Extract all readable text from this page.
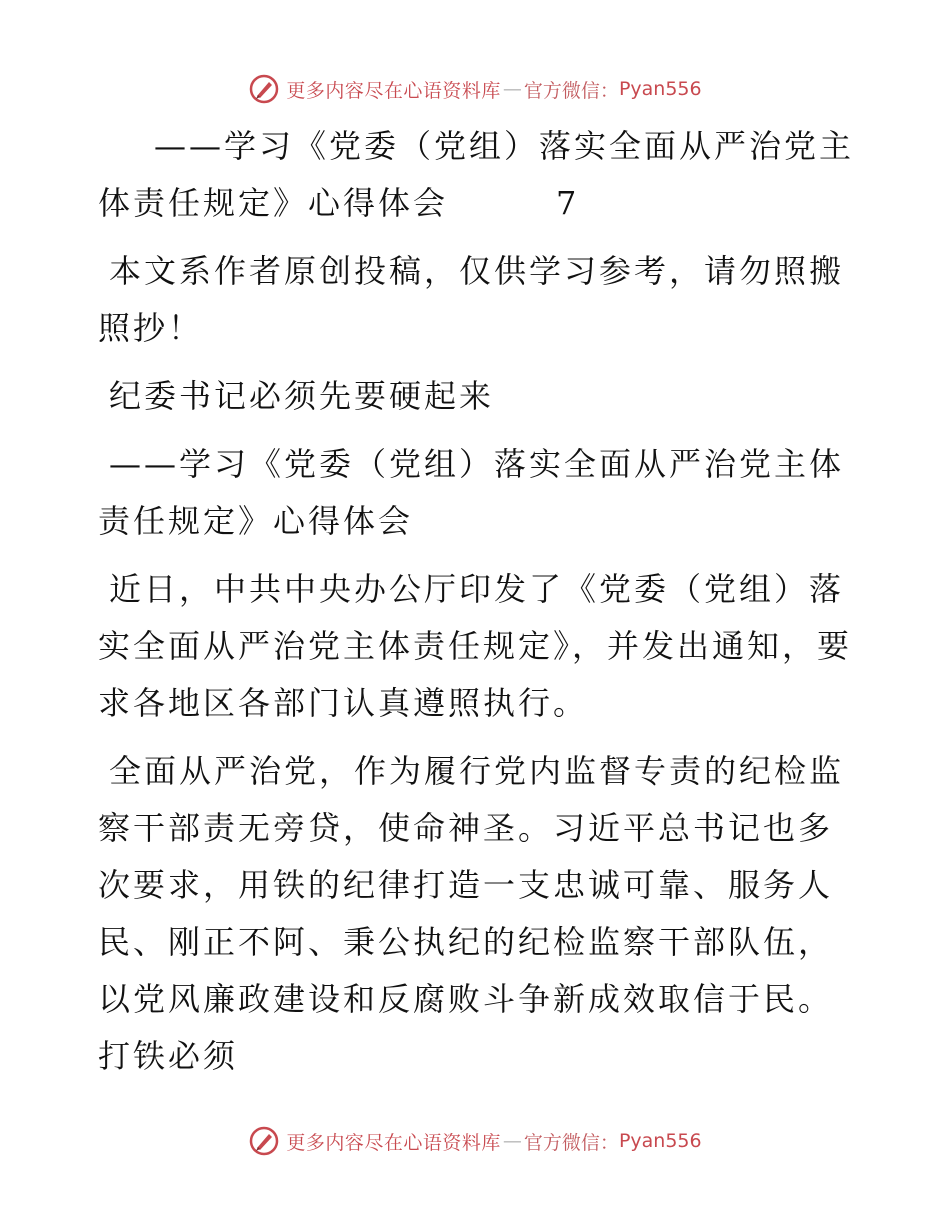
更多内容尽在心语资料库 — 官方微信： Pyan556

——学习《党委（党组）落实全面从严治党主体责任规定》心得体会	7

本文系作者原创投稿，仅供学习参考，请勿照搬照抄！

纪委书记必须先要硬起来

——学习《党委（党组）落实全面从严治党主体责任规定》心得体会

近日，中共中央办公厅印发了《党委（党组）落实全面从严治党主体责任规定》，并发出通知，要求各地区各部门认真遵照执行。

全面从严治党，作为履行党内监督专责的纪检监察干部责无旁贷，使命神圣。习近平总书记也多次要求，用铁的纪律打造一支忠诚可靠、服务人民、刚正不阿、秉公执纪的纪检监察干部队伍，以党风廉政建设和反腐败斗争新成效取信于民。打铁必须

更多内容尽在心语资料库 — 官方微信： Pyan556
